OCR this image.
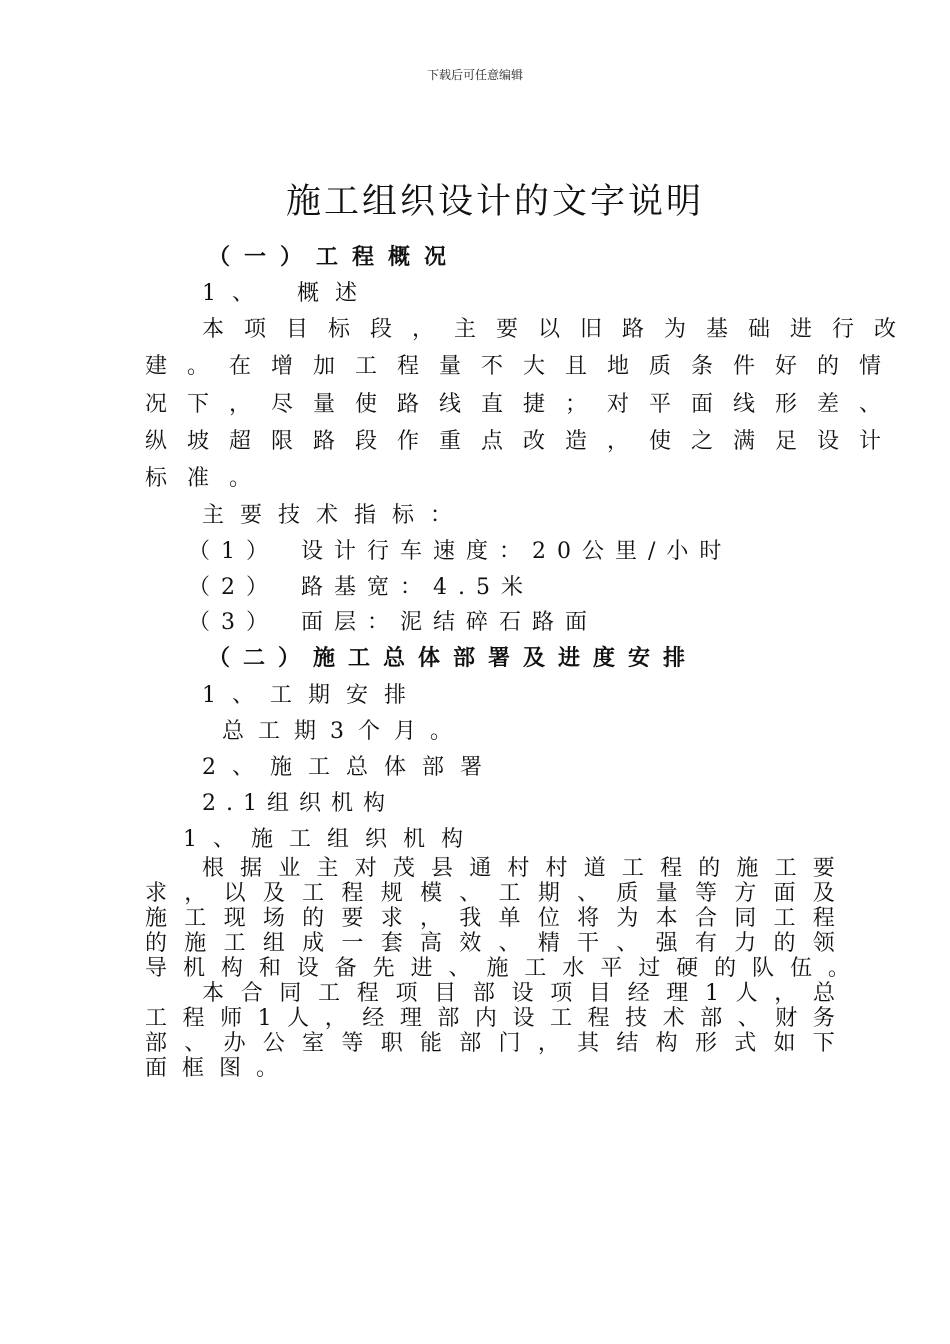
下载后可任意编辑
施工组织设计的文字说明
（一）工程概况
1、　概述
本项目标段，主要以旧路为基础进行改
建。在增加工程量不大且地质条件好的情
况下，尽量使路线直捷；对平面线形差、
纵坡超限路段作重点改造，使之满足设计
标准。
主要技术指标：
（1）　设计行车速度：20公里/小时
（2）　路基宽：4.5米
（3）　面层：泥结碎石路面
（二）施工总体部署及进度安排
1、工期安排
总工期3个月。
2、施工总体部署
2.1组织机构
1、施工组织机构
根 据 业 主 对 茂 县 通 村 村 道 工 程 的 施 工 要
求 ， 以 及 工 程 规 模 、 工 期 、 质 量 等 方 面 及
施 工 现 场 的 要 求 ， 我 单 位 将 为 本 合 同 工 程
的 施 工 组 成 一 套 高 效 、 精 干 、 强 有 力 的 领
导 机 构 和 设 备 先 进 、 施 工 水 平 过 硬 的 队 伍 。
本 合 同 工 程 项 目 部 设 项 目 经 理 1 人 ， 总
工 程 师 1 人 ， 经 理 部 内 设 工 程 技 术 部 、 财 务
部 、 办 公 室 等 职 能 部 门 ， 其 结 构 形 式 如 下
面 框 图 。
